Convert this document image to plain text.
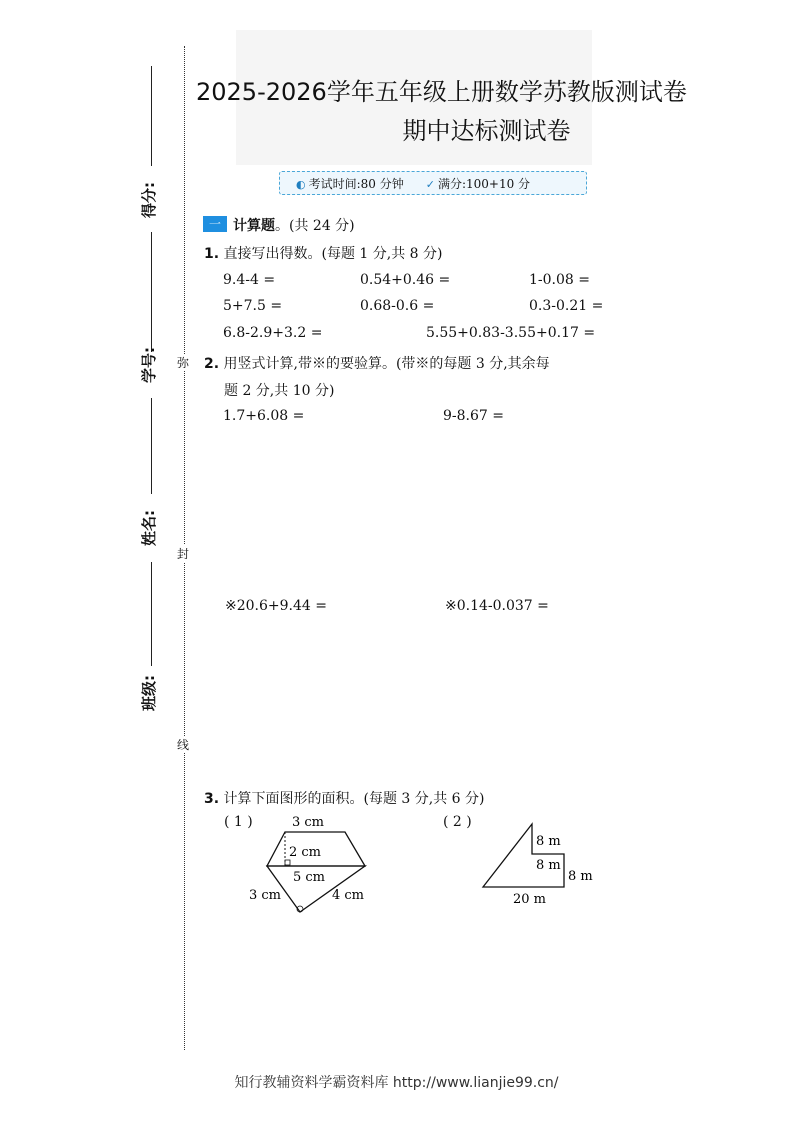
得分:
学号:
姓名:
班级:
弥
封
线
2025-2026学年五年级上册数学苏教版测试卷
期中达标测试卷
◐ 考试时间:80 分钟 ✓ 满分:100+10 分
一 计算题。(共 24 分)
1. 直接写出得数。(每题 1 分,共 8 分)
9.4-4 =	0.54+0.46 =	1-0.08 =
5+7.5 =	0.68-0.6 =	0.3-0.21 =
6.8-2.9+3.2 =	5.55+0.83-3.55+0.17 =
2. 用竖式计算,带※的要验算。(带※的每题 3 分,其余每
题 2 分,共 10 分)
1.7+6.08 =	9-8.67 =
※20.6+9.44 =	※0.14-0.037 =
3. 计算下面图形的面积。(每题 3 分,共 6 分)
( 1 )	( 2 )
3 cm
2 cm
5 cm
3 cm	4 cm
8 m
8 m
8 m
20 m
知行教辅资料学霸资料库 http://www.lianjie99.cn/
